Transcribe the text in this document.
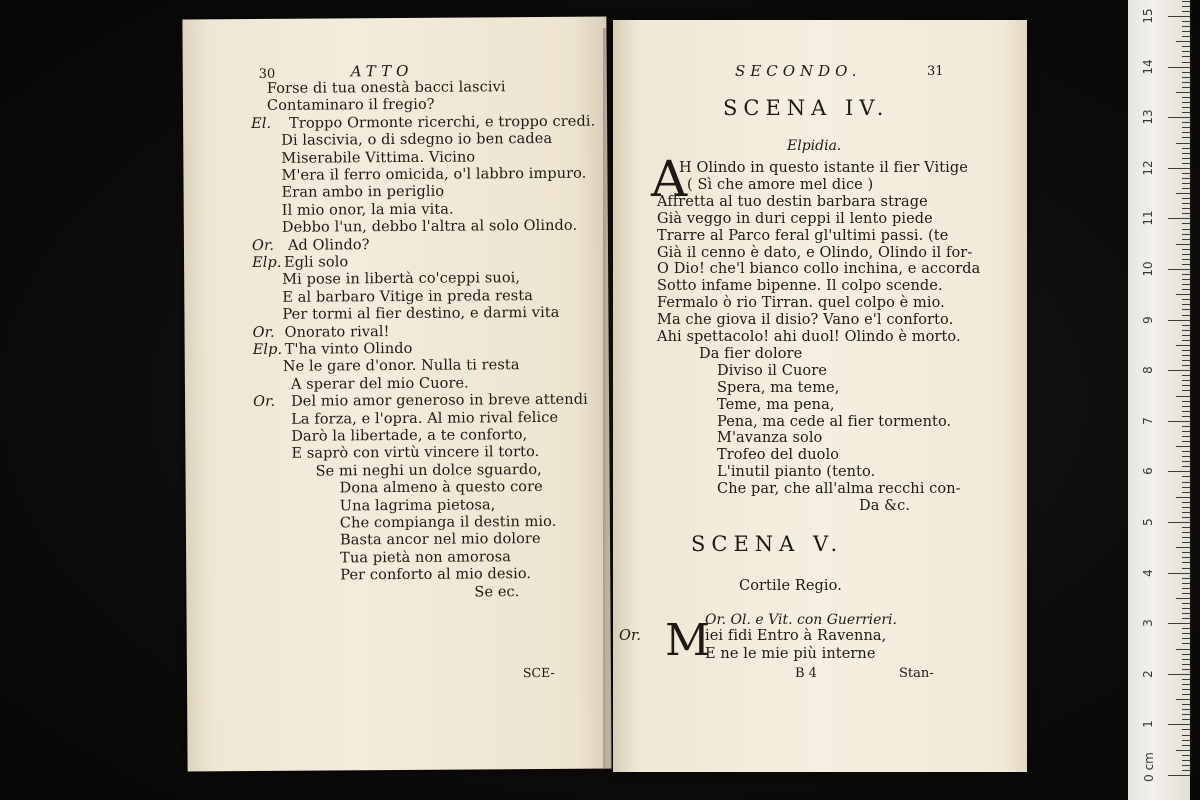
30	ATTO
Forse di tua onestà bacci lascivi
Contaminaro il fregio?
El. Troppo Ormonte ricerchi, e troppo credi.
Di lascivia, o di sdegno io ben cadea
Miserabile Vittima. Vicino
M'era il ferro omicida, o'l labbro impuro.
Eran ambo in periglio
Il mio onor, la mia vita.
Debbo l'un, debbo l'altra al solo Olindo.
Or. Ad Olindo?
Elp. Egli solo
Mi pose in libertà co'ceppi suoi,
E al barbaro Vitige in preda resta
Per tormi al fier destino, e darmi vita
Or. Onorato rival!
Elp. T'ha vinto Olindo
Ne le gare d'onor. Nulla ti resta
A sperar del mio Cuore.
Or. Del mio amor generoso in breve attendi
La forza, e l'opra. Al mio rival felice
Darò la libertade, a te conforto,
E saprò con virtù vincere il torto.
Se mi neghi un dolce sguardo,
Dona almeno à questo core
Una lagrima pietosa,
Che compianga il destin mio.
Basta ancor nel mio dolore
Tua pietà non amorosa
Per conforto al mio desio.
Se ec.
SCE-
SECONDO.	31
SCENA IV.
Elpidia.
A
H Olindo in questo istante il fier Vitige
( Sì che amore mel dice )
Affretta al tuo destin barbara strage
Già veggo in duri ceppi il lento piede
Trarre al Parco feral gl'ultimi passi. (te
Già il cenno è dato, e Olindo, Olindo il for-
O Dio! che'l bianco collo inchina, e accorda
Sotto infame bipenne. Il colpo scende.
Fermalo ò rio Tirran. quel colpo è mio.
Ma che giova il disio? Vano e'l conforto.
Ahi spettacolo! ahi duol! Olindo è morto.
Da fier dolore
Diviso il Cuore
Spera, ma teme,
Teme, ma pena,
Pena, ma cede al fier tormento.
M'avanza solo
Trofeo del duolo
L'inutil pianto (tento.
Che par, che all'alma recchi con-
Da &c.
SCENA V.
Cortile Regio.
Or. Ol. e Vit. con Guerrieri.
Or. M
iei fidi Entro à Ravenna,
E ne le mie più interne
B 4	Stan-
1
2
3
4
5
6
7
8
9
10
11
12
13
14
15
0 cm
